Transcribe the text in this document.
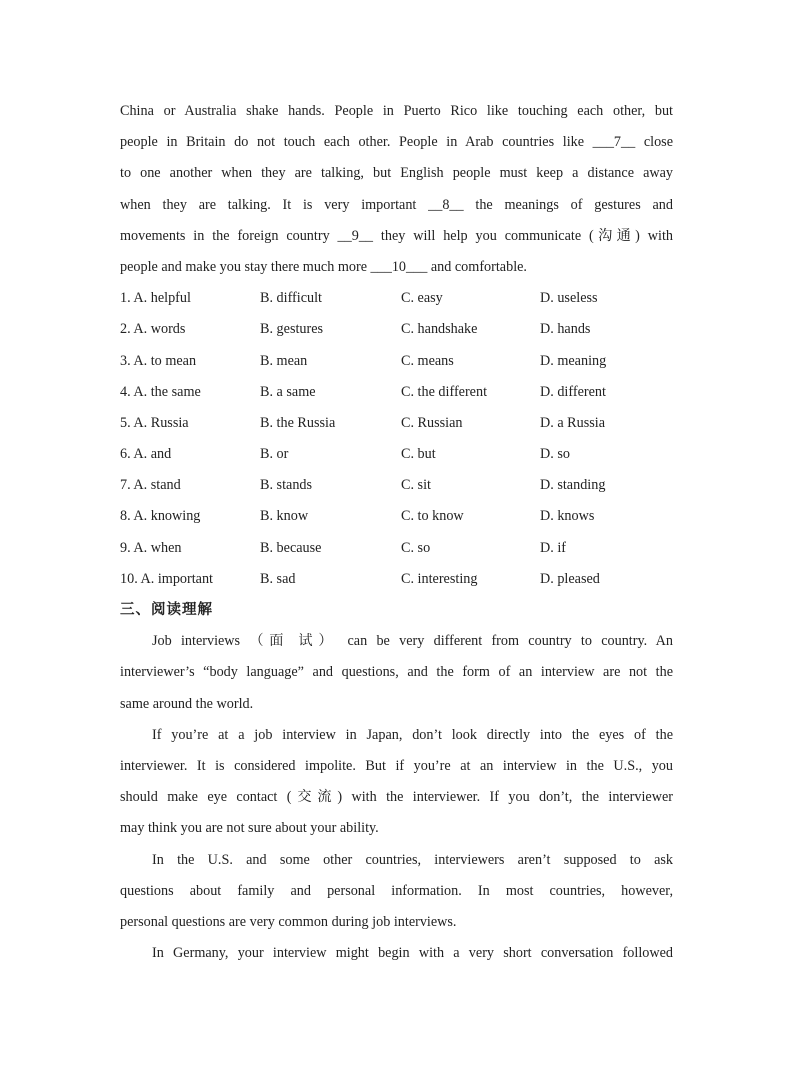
China or Australia shake hands. People in Puerto Rico like touching each other, but
people in Britain do not touch each other. People in Arab countries like ___7__ close
to one another when they are talking, but English people must keep a distance away
when they are talking. It is very important __8__ the meanings of gestures and
movements in the foreign country __9__ they will help you communicate (沟通) with
people and make you stay there much more ___10___ and comfortable.
1. A. helpful	B. difficult	C. easy	D. useless
2. A. words	B. gestures	C. handshake	D. hands
3. A. to mean	B. mean	C. means	D. meaning
4. A. the same	B. a same	C. the different	D. different
5. A. Russia	B. the Russia	C. Russian	D. a Russia
6. A. and	B. or	C. but	D. so
7. A. stand	B. stands	C. sit	D. standing
8. A. knowing	B. know	C. to know	D. knows
9. A. when	B. because	C. so	D. if
10. A. important	B. sad	C. interesting	D. pleased
三、阅读理解
Job interviews （面 试） can be very different from country to country. An
interviewer’s “body language” and questions, and the form of an interview are not the
same around the world.
If you’re at a job interview in Japan, don’t look directly into the eyes of the
interviewer. It is considered impolite. But if you’re at an interview in the U.S., you
should make eye contact (交流) with the interviewer. If you don’t, the interviewer
may think you are not sure about your ability.
In the U.S. and some other countries, interviewers aren’t supposed to ask
questions about family and personal information. In most countries, however,
personal questions are very common during job interviews.
In Germany, your interview might begin with a very short conversation followed
